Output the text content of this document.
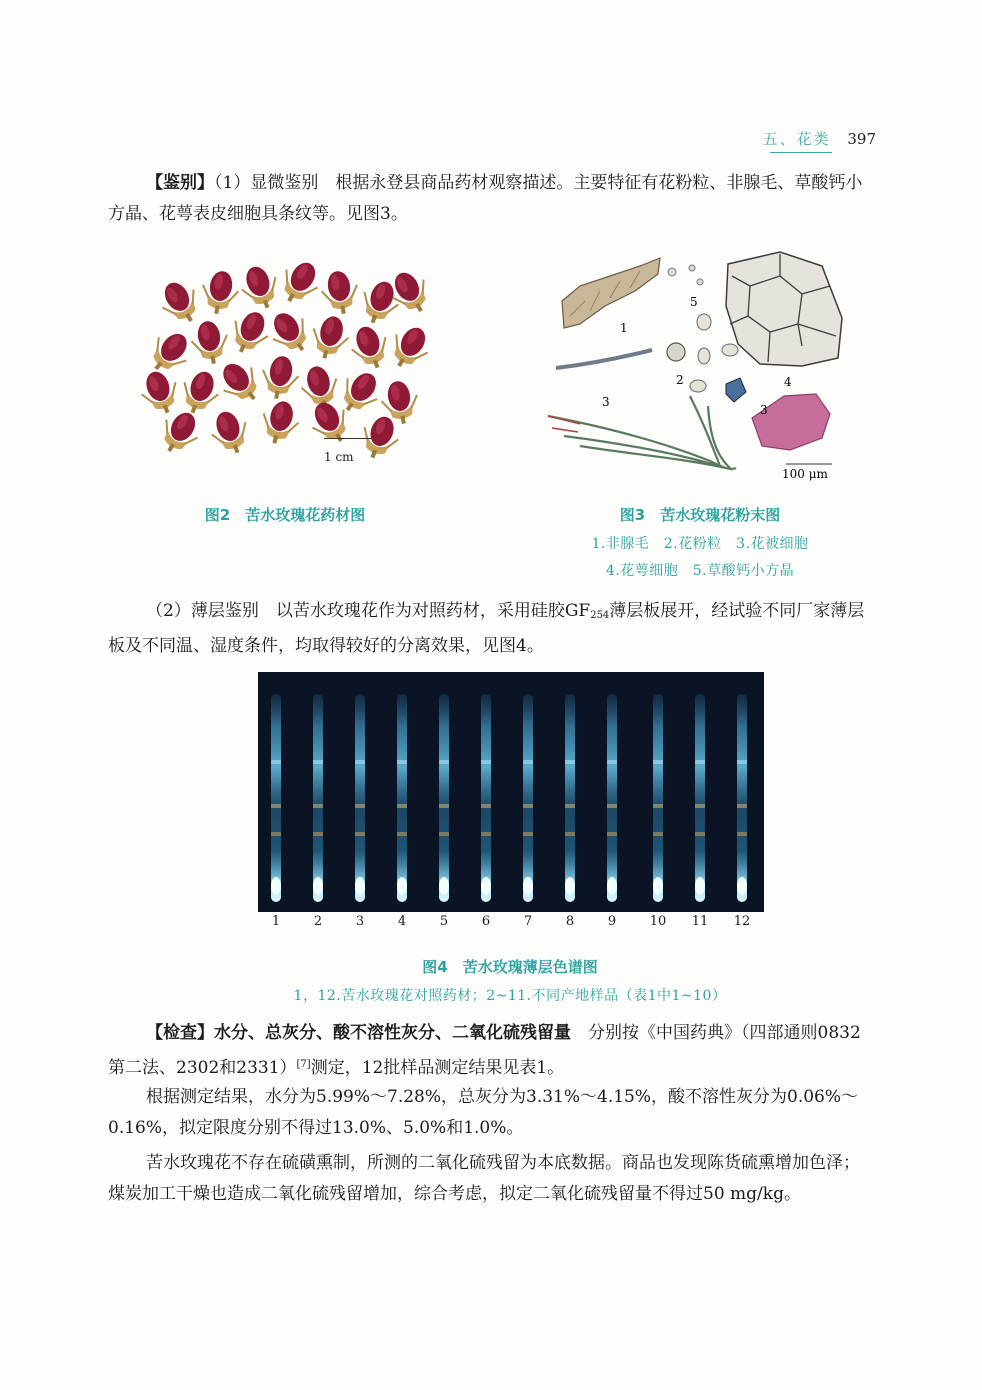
五、花类 397

【鉴别】（1）显微鉴别　根据永登县商品药材观察描述。主要特征有花粉粒、非腺毛、草酸钙小方晶、花萼表皮细胞具条纹等。见图3。

1 cm
图2　苦水玫瑰花药材图
1
2
3
3
4
5
100 μm
图3　苦水玫瑰花粉末图
1.非腺毛　2.花粉粒　3.花被细胞
4.花萼细胞　5.草酸钙小方晶

（2）薄层鉴别　以苦水玫瑰花作为对照药材，采用硅胶$GF_{254}$薄层板展开，经试验不同厂家薄层板及不同温、湿度条件，均取得较好的分离效果，见图4。

1	2	3	4	5	6	7	8	9	10 11 12
图4　苦水玫瑰薄层色谱图
1，12.苦水玫瑰花对照药材；2~11.不同产地样品（表1中1~10）

【检查】水分、总灰分、酸不溶性灰分、二氧化硫残留量　分别按《中国药典》（四部通则0832第二法、2302和2331）[7]测定，12批样品测定结果见表1。

根据测定结果，水分为5.99%～7.28%，总灰分为3.31%～4.15%，酸不溶性灰分为0.06%～0.16%，拟定限度分别不得过13.0%、5.0%和1.0%。

苦水玫瑰花不存在硫磺熏制，所测的二氧化硫残留为本底数据。商品也发现陈货硫熏增加色泽；煤炭加工干燥也造成二氧化硫残留增加，综合考虑，拟定二氧化硫残留量不得过50 mg/kg。
